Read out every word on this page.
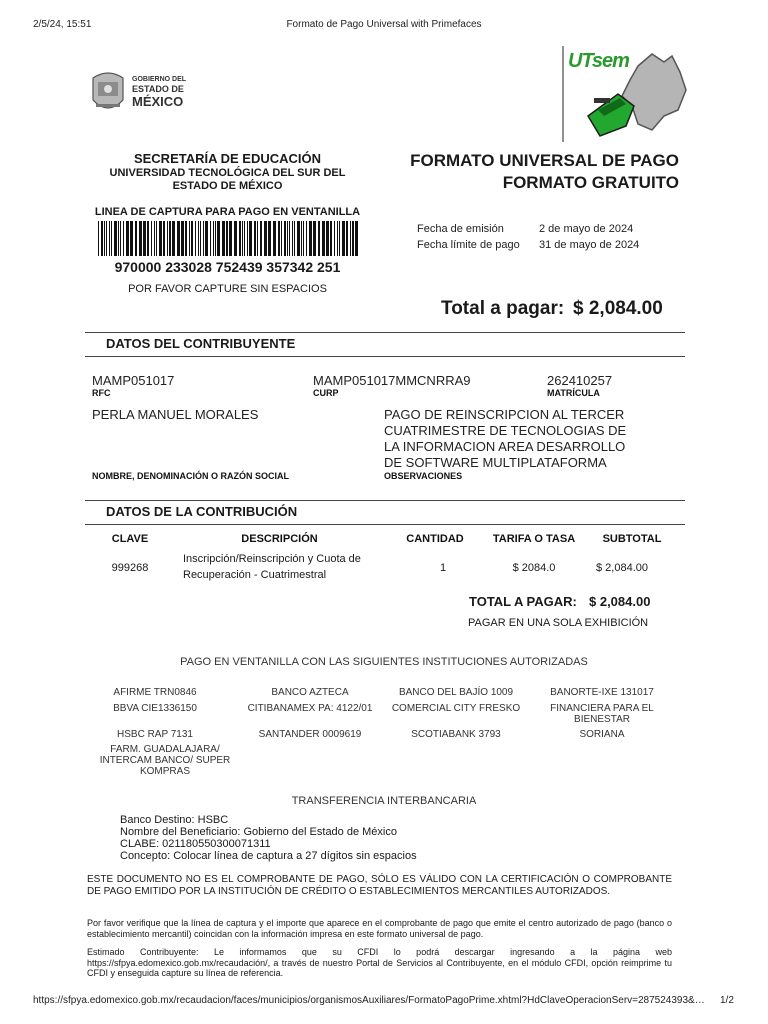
2/5/24, 15:51	Formato de Pago Universal with Primefaces
GOBIERNO DEL
ESTADO DE
MÉXICO
UTsem
SECRETARÍA DE EDUCACIÓN
UNIVERSIDAD TECNOLÓGICA DEL SUR DEL
ESTADO DE MÉXICO
FORMATO UNIVERSAL DE PAGO
FORMATO GRATUITO
LINEA DE CAPTURA PARA PAGO EN VENTANILLA
970000 233028 752439 357342 251
POR FAVOR CAPTURE SIN ESPACIOS
Fecha de emisión	2 de mayo de 2024
Fecha límite de pago 31 de mayo de 2024
Total a pagar: $ 2,084.00
DATOS DEL CONTRIBUYENTE
MAMP051017
RFC
MAMP051017MMCNRRA9
CURP
262410257
MATRÍCULA
PERLA MANUEL MORALES
NOMBRE, DENOMINACIÓN O RAZÓN SOCIAL
PAGO DE REINSCRIPCION AL TERCER
CUATRIMESTRE DE TECNOLOGIAS DE
LA INFORMACION AREA DESARROLLO
DE SOFTWARE MULTIPLATAFORMA
OBSERVACIONES
DATOS DE LA CONTRIBUCIÓN
CLAVE	DESCRIPCIÓN	CANTIDAD	TARIFA O TASA	SUBTOTAL
999268
Inscripción/Reinscripción y Cuota de
Recuperación - Cuatrimestral
1	$ 2084.0	$ 2,084.00
TOTAL A PAGAR: $ 2,084.00
PAGAR EN UNA SOLA EXHIBICIÓN
PAGO EN VENTANILLA CON LAS SIGUIENTES INSTITUCIONES AUTORIZADAS
AFIRME TRN0846	BANCO AZTECA	BANCO DEL BAJÍO 1009	BANORTE-IXE 131017
BBVA CIE1336150	CITIBANAMEX PA: 4122/01	COMERCIAL CITY FRESKO	FINANCIERA PARA EL BIENESTAR
HSBC RAP 7131	SANTANDER 0009619	SCOTIABANK 3793	SORIANA
FARM. GUADALAJARA/ INTERCAM BANCO/ SUPER KOMPRAS
TRANSFERENCIA INTERBANCARIA
Banco Destino: HSBC
Nombre del Beneficiario: Gobierno del Estado de México
CLABE: 021180550300071311
Concepto: Colocar línea de captura a 27 dígitos sin espacios
ESTE DOCUMENTO NO ES EL COMPROBANTE DE PAGO, SÓLO ES VÁLIDO CON LA CERTIFICACIÓN O COMPROBANTE DE PAGO EMITIDO POR LA INSTITUCIÓN DE CRÉDITO O ESTABLECIMIENTOS MERCANTILES AUTORIZADOS.
Por favor verifique que la línea de captura y el importe que aparece en el comprobante de pago que emite el centro autorizado de pago (banco o establecimiento mercantil) coincidan con la información impresa en este formato universal de pago.
Estimado Contribuyente: Le informamos que su CFDI lo podrá descargar ingresando a la página web https://sfpya.edomexico.gob.mx/recaudación/, a través de nuestro Portal de Servicios al Contribuyente, en el módulo CFDI, opción reimprime tu CFDI y enseguida capture su línea de referencia.
https://sfpya.edomexico.gob.mx/recaudacion/faces/municipios/organismosAuxiliares/FormatoPagoPrime.xhtml?HdClaveOperacionServ=287524393&… 1/2
